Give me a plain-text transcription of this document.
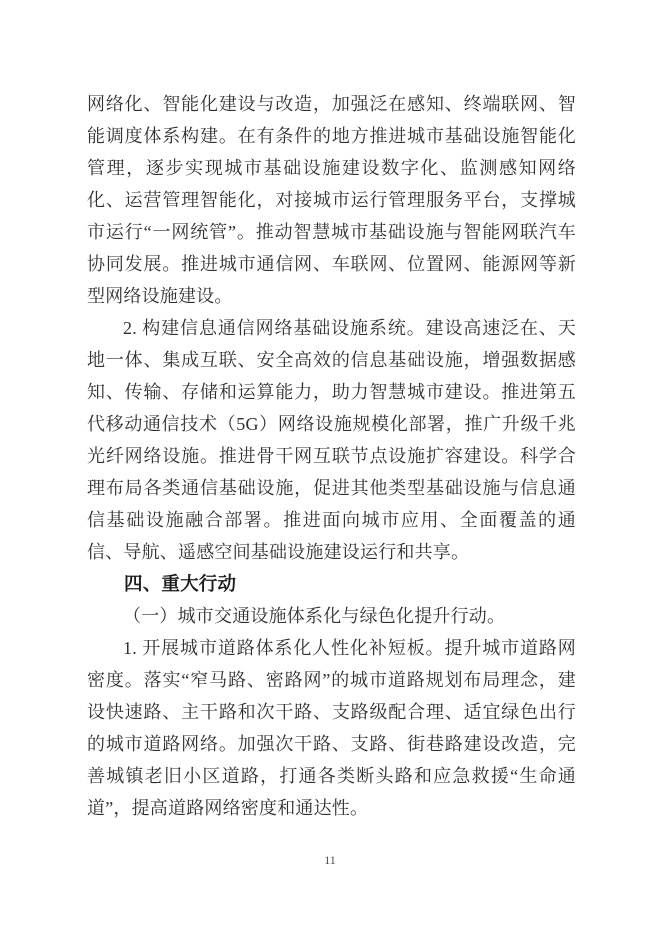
网络化、智能化建设与改造，加强泛在感知、终端联网、智能调度体系构建。在有条件的地方推进城市基础设施智能化管理，逐步实现城市基础设施建设数字化、监测感知网络化、运营管理智能化，对接城市运行管理服务平台，支撑城市运行“一网统管”。推动智慧城市基础设施与智能网联汽车协同发展。推进城市通信网、车联网、位置网、能源网等新型网络设施建设。

2. 构建信息通信网络基础设施系统。建设高速泛在、天地一体、集成互联、安全高效的信息基础设施，增强数据感知、传输、存储和运算能力，助力智慧城市建设。推进第五代移动通信技术（5G）网络设施规模化部署，推广升级千兆光纤网络设施。推进骨干网互联节点设施扩容建设。科学合理布局各类通信基础设施，促进其他类型基础设施与信息通信基础设施融合部署。推进面向城市应用、全面覆盖的通信、导航、遥感空间基础设施建设运行和共享。

四、重大行动

（一）城市交通设施体系化与绿色化提升行动。

1. 开展城市道路体系化人性化补短板。提升城市道路网密度。落实“窄马路、密路网”的城市道路规划布局理念，建设快速路、主干路和次干路、支路级配合理、适宜绿色出行的城市道路网络。加强次干路、支路、街巷路建设改造，完善城镇老旧小区道路，打通各类断头路和应急救援“生命通道”，提高道路网络密度和通达性。

11
